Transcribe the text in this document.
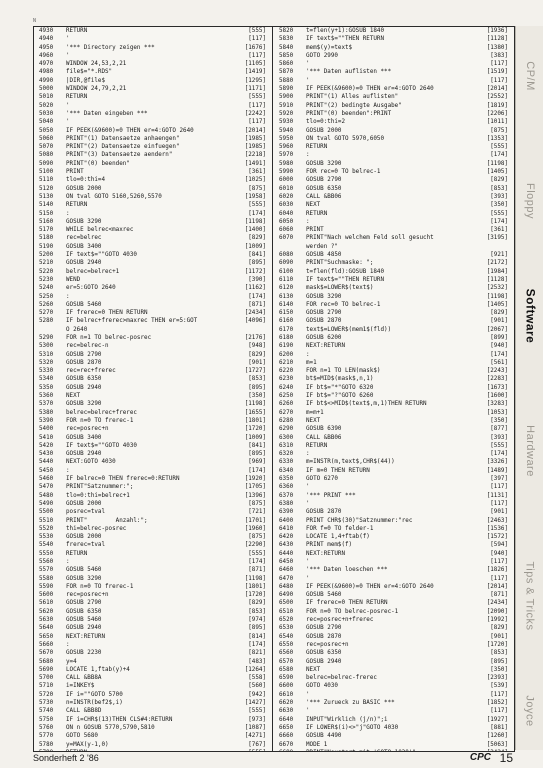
N
4930 RETURN	[555]
4940 '	[117]
4950 '*** Directory zeigen ***	[1676]
4960 '	[117]
4970 WINDOW 24,53,2,21	[1105]
4980 file$="*.RDS"	[1419]
4990 |DIR,@file$	[1295]
5000 WINDOW 24,79,2,21	[1171]
5010 RETURN	[555]
5020 '	[117]
5030 '*** Daten eingeben ***	[2242]
5040 '	[117]
5050 IF PEEK(&9600)=0 THEN er=4:GOTO 2640	[2014]
5060 PRINT"(1) Datensaetze anhaengen"	[1985]
5070 PRINT"(2) Datensaetze einfuegen"	[1985]
5080 PRINT"(3) Datensaetze aendern"	[2218]
5090 PRINT"(0) beenden"	[1491]
5100 PRINT	[361]
5110 tlo=0:thi=4	[1025]
5120 GOSUB 2000	[875]
5130 ON tval GOTO 5160,5260,5570	[1958]
5140 RETURN	[555]
5150 :	[174]
5160 GOSUB 3290	[1198]
5170 WHILE belrec<maxrec	[1400]
5180 rec=belrec	[829]
5190 GOSUB 3400	[1009]
5200 IF text$=""GOTO 4030	[841]
5210 GOSUB 2940	[895]
5220 belrec=belrec+1	[1172]
5230 WEND	[390]
5240 er=5:GOTO 2640	[1162]
5250 :	[174]
5260 GOSUB 5460	[871]
5270 IF frerec=0 THEN RETURN	[2434]
5280 IF belrec+frerec>maxrec THEN er=5:GOT	[4096]
O 2640
5290 FOR n=1 TO belrec-posrec	[2176]
5300 rec=belrec-n	[948]
5310 GOSUB 2790	[829]
5320 GOSUB 2870	[901]
5330 rec=rec+frerec	[1727]
5340 GOSUB 6350	[853]
5350 GOSUB 2940	[895]
5360 NEXT	[350]
5370 GOSUB 3290	[1198]
5380 belrec=belrec+frerec	[1655]
5390 FOR n=0 TO frerec-1	[1801]
5400 rec=posrec+n	[1720]
5410 GOSUB 3400	[1009]
5420 IF text$=""GOTO 4030	[841]
5430 GOSUB 2940	[895]
5440 NEXT:GOTO 4030	[969]
5450 :	[174]
5460 IF belrec=0 THEN frerec=0:RETURN	[1920]
5470 PRINT"Satznummer:";	[1705]
5480 tlo=0:thi=belrec+1	[1396]
5490 GOSUB 2000	[875]
5500 posrec=tval	[721]
5510 PRINT"        Anzahl:";	[1701]
5520 thi=belrec-posrec	[1960]
5530 GOSUB 2000	[875]
5540 frerec=tval	[2290]
5550 RETURN	[555]
5560 :	[174]
5570 GOSUB 5460	[871]
5580 GOSUB 3290	[1198]
5590 FOR n=0 TO frerec-1	[1801]
5600 rec=posrec+n	[1720]
5610 GOSUB 2790	[829]
5620 GOSUB 6350	[853]
5630 GOSUB 5460	[974]
5640 GOSUB 2940	[895]
5650 NEXT:RETURN	[814]
5660 :	[174]
5670 GOSUB 2230	[821]
5680 y=4	[483]
5690 LOCATE 1,ftab(y)+4	[1264]
5700 CALL &BB8A	[558]
5710 i=INKEY$	[560]
5720 IF i=""GOTO 5700	[942]
5730 n=INSTR(bef2$,i)	[1427]
5740 CALL &BB8D	[555]
5750 IF i=CHR$(13)THEN CLS#4:RETURN	[973]
5760 ON n GOSUB 5770,5790,5810	[1087]
5770 GOTO 5680	[4271]
5780 y=MAX(y-1,0)	[767]
5820 t=flen(y+1):GOSUB 1840	[1936]
5830 IF text$=""THEN RETURN	[1128]
5840 mem$(y)=text$	[1380]
5850 GOTO 2990	[383]
5860 '	[117]
5870 '*** Daten auflisten ***	[1519]
5880 '	[117]
5890 IF PEEK(&9600)=0 THEN er=4:GOTO 2640	[2014]
5900 PRINT"(1) Alles auflisten"	[2552]
5910 PRINT"(2) bedingte Ausgabe"	[1819]
5920 PRINT"(0) beenden":PRINT	[2206]
5930 tlo=0:thi=2	[1011]
5940 GOSUB 2000	[875]
5950 ON tval GOTO 5970,6050	[1353]
5960 RETURN	[555]
5970 :	[174]
5980 GOSUB 3290	[1198]
5990 FOR rec=0 TO belrec-1	[1405]
6000 GOSUB 2790	[829]
6010 GOSUB 6350	[853]
6020 CALL &BB06	[393]
6030 NEXT	[350]
6040 RETURN	[555]
6050 :	[174]
6060 PRINT	[361]
6070 PRINT"Nach welchem Feld soll gesucht	[3195]
werden ?"
6080 GOSUB 4850	[921]
6090 PRINT"Suchmaske: ";	[2172]
6100 t=flen(fld):GOSUB 1840	[1984]
6110 IF text$=""THEN RETURN	[1128]
6120 mask$=LOWER$(text$)	[2532]
6130 GOSUB 3290	[1198]
6140 FOR rec=0 TO belrec-1	[1405]
6150 GOSUB 2790	[829]
6160 GOSUB 2870	[901]
6170 text$=LOWER$(mem1$(fld))	[2067]
6180 GOSUB 6200	[899]
6190 NEXT:RETURN	[940]
6200 :	[174]
6210 m=1	[561]
6220 FOR n=1 TO LEN(mask$)	[2243]
6230 bt$=MID$(mask$,n,1)	[2283]
6240 IF bt$="*"GOTO 6320	[1673]
6250 IF bt$="?"GOTO 6260	[1600]
6260 IF bt$<>MID$(text$,m,1)THEN RETURN	[3283]
6270 m=m+1	[1053]
6280 NEXT	[350]
6290 GOSUB 6390	[877]
6300 CALL &BB06	[393]
6310 RETURN	[555]
6320 :	[174]
6330 m=INSTR(m,text$,CHR$(44))	[3326]
6340 IF m=0 THEN RETURN	[1489]
6350 GOTO 6270	[397]
6360 '	[117]
6370 '*** PRINT ***	[1131]
6380 '	[117]
6390 GOSUB 2870	[901]
6400 PRINT CHR$(30)"Satznummer:"rec	[2463]
6410 FOR f=0 TO felder-1	[1536]
6420 LOCATE 1,4+ftab(f)	[1572]
6430 PRINT mem$(f)	[594]
6440 NEXT:RETURN	[940]
6450 '	[117]
6460 '*** Daten loeschen ***	[1826]
6470 '	[117]
6480 IF PEEK(&9600)=0 THEN er=4:GOTO 2640	[2014]
6490 GOSUB 5460	[871]
6500 IF frerec=0 THEN RETURN	[2434]
6510 FOR n=0 TO belrec-posrec-1	[2090]
6520 rec=posrec+n+frerec	[1992]
6530 GOSUB 2790	[829]
6540 GOSUB 2870	[901]
6550 rec=posrec+n	[1720]
6560 GOSUB 6350	[853]
6570 GOSUB 2940	[895]
6580 NEXT	[350]
6590 belrec=belrec-frerec	[2393]
6600 GOTO 4030	[539]
6610 '	[117]
6620 '*** Zurueck zu BASIC ***	[1852]
6630 '	[117]
6640 INPUT"Wirklich (j/n)";i	[1927]
6650 IF LOWER$(i)<>"j"GOTO 4030	[881]
6660 GOSUB 4490	[1260]
6670 MODE 1	[5063]
CP/M
Floppy
Software
Hardware
Tips & Tricks
Joyce
Sonderheft 2 '86	CPC 15
